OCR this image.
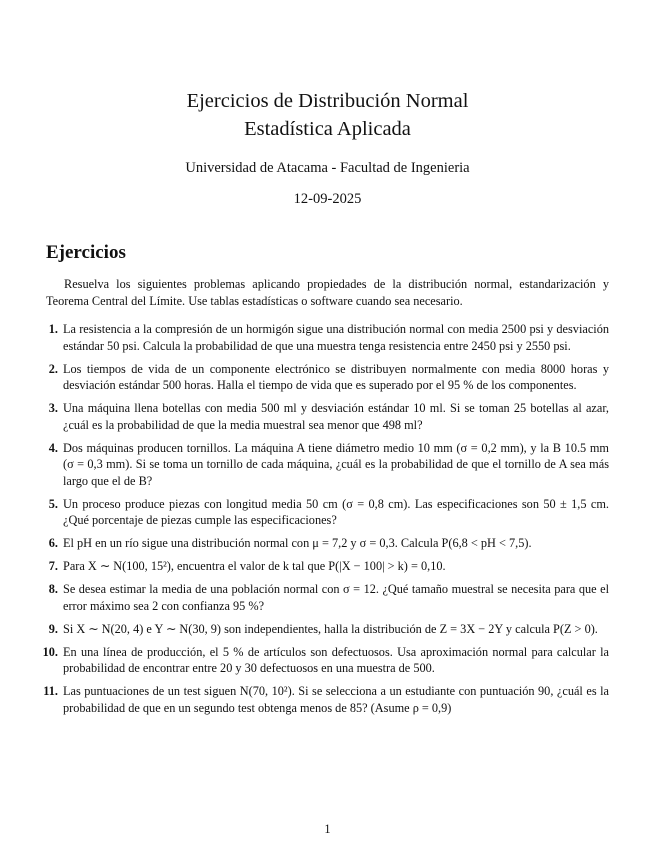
Ejercicios de Distribución Normal
Estadística Aplicada
Universidad de Atacama - Facultad de Ingenieria
12-09-2025
Ejercicios

Resuelva los siguientes problemas aplicando propiedades de la distribución normal, estandarización y Teorema Central del Límite. Use tablas estadísticas o software cuando sea necesario.

1. La resistencia a la compresión de un hormigón sigue una distribución normal con media 2500 psi y desviación estándar 50 psi. Calcula la probabilidad de que una muestra tenga resistencia entre 2450 psi y 2550 psi.
2. Los tiempos de vida de un componente electrónico se distribuyen normalmente con media 8000 horas y desviación estándar 500 horas. Halla el tiempo de vida que es superado por el 95 % de los componentes.
3. Una máquina llena botellas con media 500 ml y desviación estándar 10 ml. Si se toman 25 botellas al azar, ¿cuál es la probabilidad de que la media muestral sea menor que 498 ml?
4. Dos máquinas producen tornillos. La máquina A tiene diámetro medio 10 mm (σ = 0,2 mm), y la B 10.5 mm (σ = 0,3 mm). Si se toma un tornillo de cada máquina, ¿cuál es la probabilidad de que el tornillo de A sea más largo que el de B?
5. Un proceso produce piezas con longitud media 50 cm (σ = 0,8 cm). Las especificaciones son 50 ± 1,5 cm. ¿Qué porcentaje de piezas cumple las especificaciones?
6. El pH en un río sigue una distribución normal con μ = 7,2 y σ = 0,3. Calcula P(6,8 < pH < 7,5).
7. Para X ∼ N(100, 15²), encuentra el valor de k tal que P(|X − 100| > k) = 0,10.
8. Se desea estimar la media de una población normal con σ = 12. ¿Qué tamaño muestral se necesita para que el error máximo sea 2 con confianza 95 %?
9. Si X ∼ N(20, 4) e Y ∼ N(30, 9) son independientes, halla la distribución de Z = 3X − 2Y y calcula P(Z > 0).
10. En una línea de producción, el 5 % de artículos son defectuosos. Usa aproximación normal para calcular la probabilidad de encontrar entre 20 y 30 defectuosos en una muestra de 500.
11. Las puntuaciones de un test siguen N(70, 10²). Si se selecciona a un estudiante con puntuación 90, ¿cuál es la probabilidad de que en un segundo test obtenga menos de 85? (Asume ρ = 0,9)
1
